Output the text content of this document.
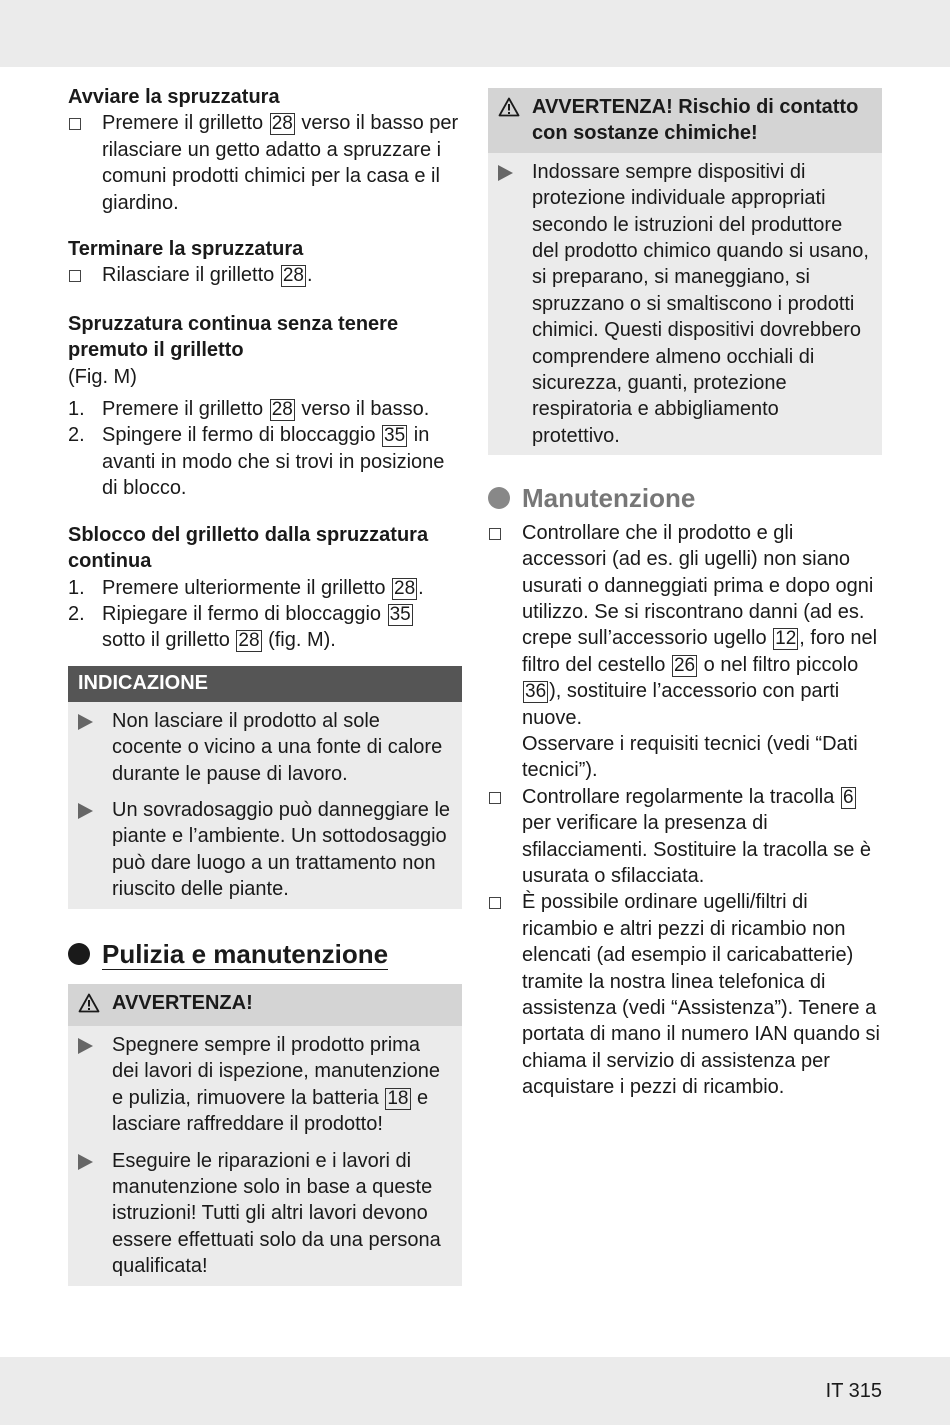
Avviare la spruzzatura
Premere il grilletto 28 verso il basso per rilasciare un getto adatto a spruzzare i comuni prodotti chimici per la casa e il giardino.
Terminare la spruzzatura
Rilasciare il grilletto 28 .
Spruzzatura continua senza tenere premuto il grilletto
(Fig. M)
1. Premere il grilletto 28 verso il basso.
2. Spingere il fermo di bloccaggio 35 in avanti in modo che si trovi in posizione di blocco.
Sblocco del grilletto dalla spruzzatura continua
1. Premere ulteriormente il grilletto 28 .
2. Ripiegare il fermo di bloccaggio 35 sotto il grilletto 28 (fig. M).
INDICAZIONE
Non lasciare il prodotto al sole cocente o vicino a una fonte di calore durante le pause di lavoro.
Un sovradosaggio può danneggiare le piante e l’ambiente. Un sottodosaggio può dare luogo a un trattamento non riuscito delle piante.
Pulizia e manutenzione
AVVERTENZA!
Spegnere sempre il prodotto prima dei lavori di ispezione, manutenzione e pulizia, rimuovere la batteria 18 e lasciare raffreddare il prodotto!
Eseguire le riparazioni e i lavori di manutenzione solo in base a queste istruzioni! Tutti gli altri lavori devono essere effettuati solo da una persona qualificata!
AVVERTENZA! Rischio di contatto con sostanze chimiche!
Indossare sempre dispositivi di protezione individuale appropriati secondo le istruzioni del produttore del prodotto chimico quando si usano, si preparano, si maneggiano, si spruzzano o si smaltiscono i prodotti chimici. Questi dispositivi dovrebbero comprendere almeno occhiali di sicurezza, guanti, protezione respiratoria e abbigliamento protettivo.
Manutenzione
Controllare che il prodotto e gli accessori (ad es. gli ugelli) non siano usurati o danneggiati prima e dopo ogni utilizzo. Se si riscontrano danni (ad es. crepe sull’accessorio ugello 12 , foro nel filtro del cestello 26 o nel filtro piccolo 36 ), sostituire l’accessorio con parti nuove.
Osservare i requisiti tecnici (vedi “Dati tecnici”).
Controllare regolarmente la tracolla 6 per verificare la presenza di sfilacciamenti. Sostituire la tracolla se è usurata o sfilacciata.
È possibile ordinare ugelli/filtri di ricambio e altri pezzi di ricambio non elencati (ad esempio il caricabatterie) tramite la nostra linea telefonica di assistenza (vedi “Assistenza”). Tenere a portata di mano il numero IAN quando si chiama il servizio di assistenza per acquistare i pezzi di ricambio.
IT 315
